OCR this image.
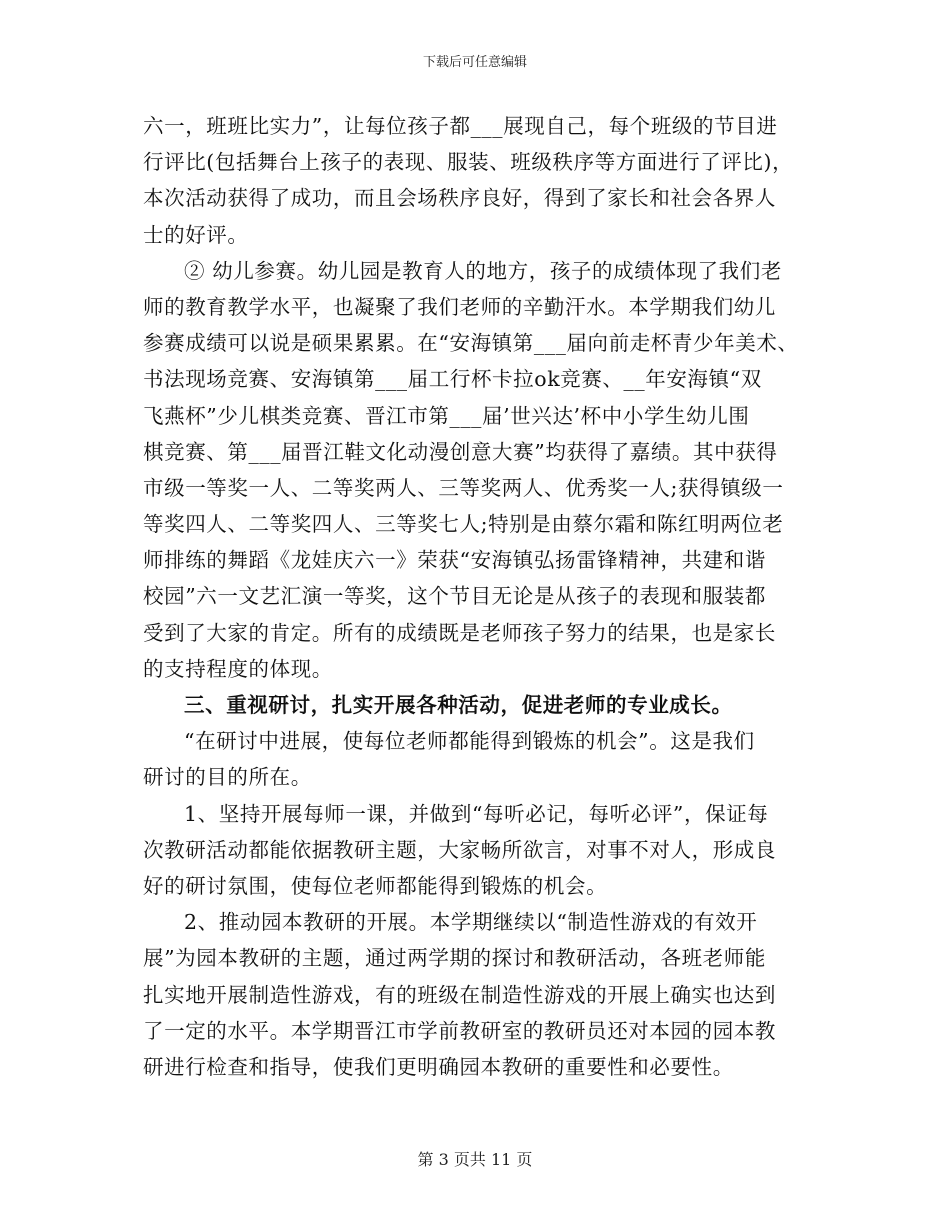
下载后可任意编辑
六一，班班比实力”，让每位孩子都___展现自己，每个班级的节目进
行评比(包括舞台上孩子的表现、服装、班级秩序等方面进行了评比)，
本次活动获得了成功，而且会场秩序良好，得到了家长和社会各界人
士的好评。
② 幼儿参赛。幼儿园是教育人的地方，孩子的成绩体现了我们老
师的教育教学水平，也凝聚了我们老师的辛勤汗水。本学期我们幼儿
参赛成绩可以说是硕果累累。在“安海镇第___届向前走杯青少年美术、
书法现场竞赛、安海镇第___届工行杯卡拉ok竞赛、__年安海镇“双
飞燕杯”少儿棋类竞赛、晋江市第___届’世兴达’杯中小学生幼儿围
棋竞赛、第___届晋江鞋文化动漫创意大赛”均获得了嘉绩。其中获得
市级一等奖一人、二等奖两人、三等奖两人、优秀奖一人;获得镇级一
等奖四人、二等奖四人、三等奖七人;特别是由蔡尔霜和陈红明两位老
师排练的舞蹈《龙娃庆六一》荣获“安海镇弘扬雷锋精神，共建和谐
校园”六一文艺汇演一等奖，这个节目无论是从孩子的表现和服装都
受到了大家的肯定。所有的成绩既是老师孩子努力的结果，也是家长
的支持程度的体现。
三、重视研讨，扎实开展各种活动，促进老师的专业成长。
“在研讨中进展，使每位老师都能得到锻炼的机会”。这是我们
研讨的目的所在。
1、坚持开展每师一课，并做到“每听必记，每听必评”，保证每
次教研活动都能依据教研主题，大家畅所欲言，对事不对人，形成良
好的研讨氛围，使每位老师都能得到锻炼的机会。
2、推动园本教研的开展。本学期继续以“制造性游戏的有效开
展”为园本教研的主题，通过两学期的探讨和教研活动，各班老师能
扎实地开展制造性游戏，有的班级在制造性游戏的开展上确实也达到
了一定的水平。本学期晋江市学前教研室的教研员还对本园的园本教
研进行检查和指导，使我们更明确园本教研的重要性和必要性。
第 3 页共 11 页
